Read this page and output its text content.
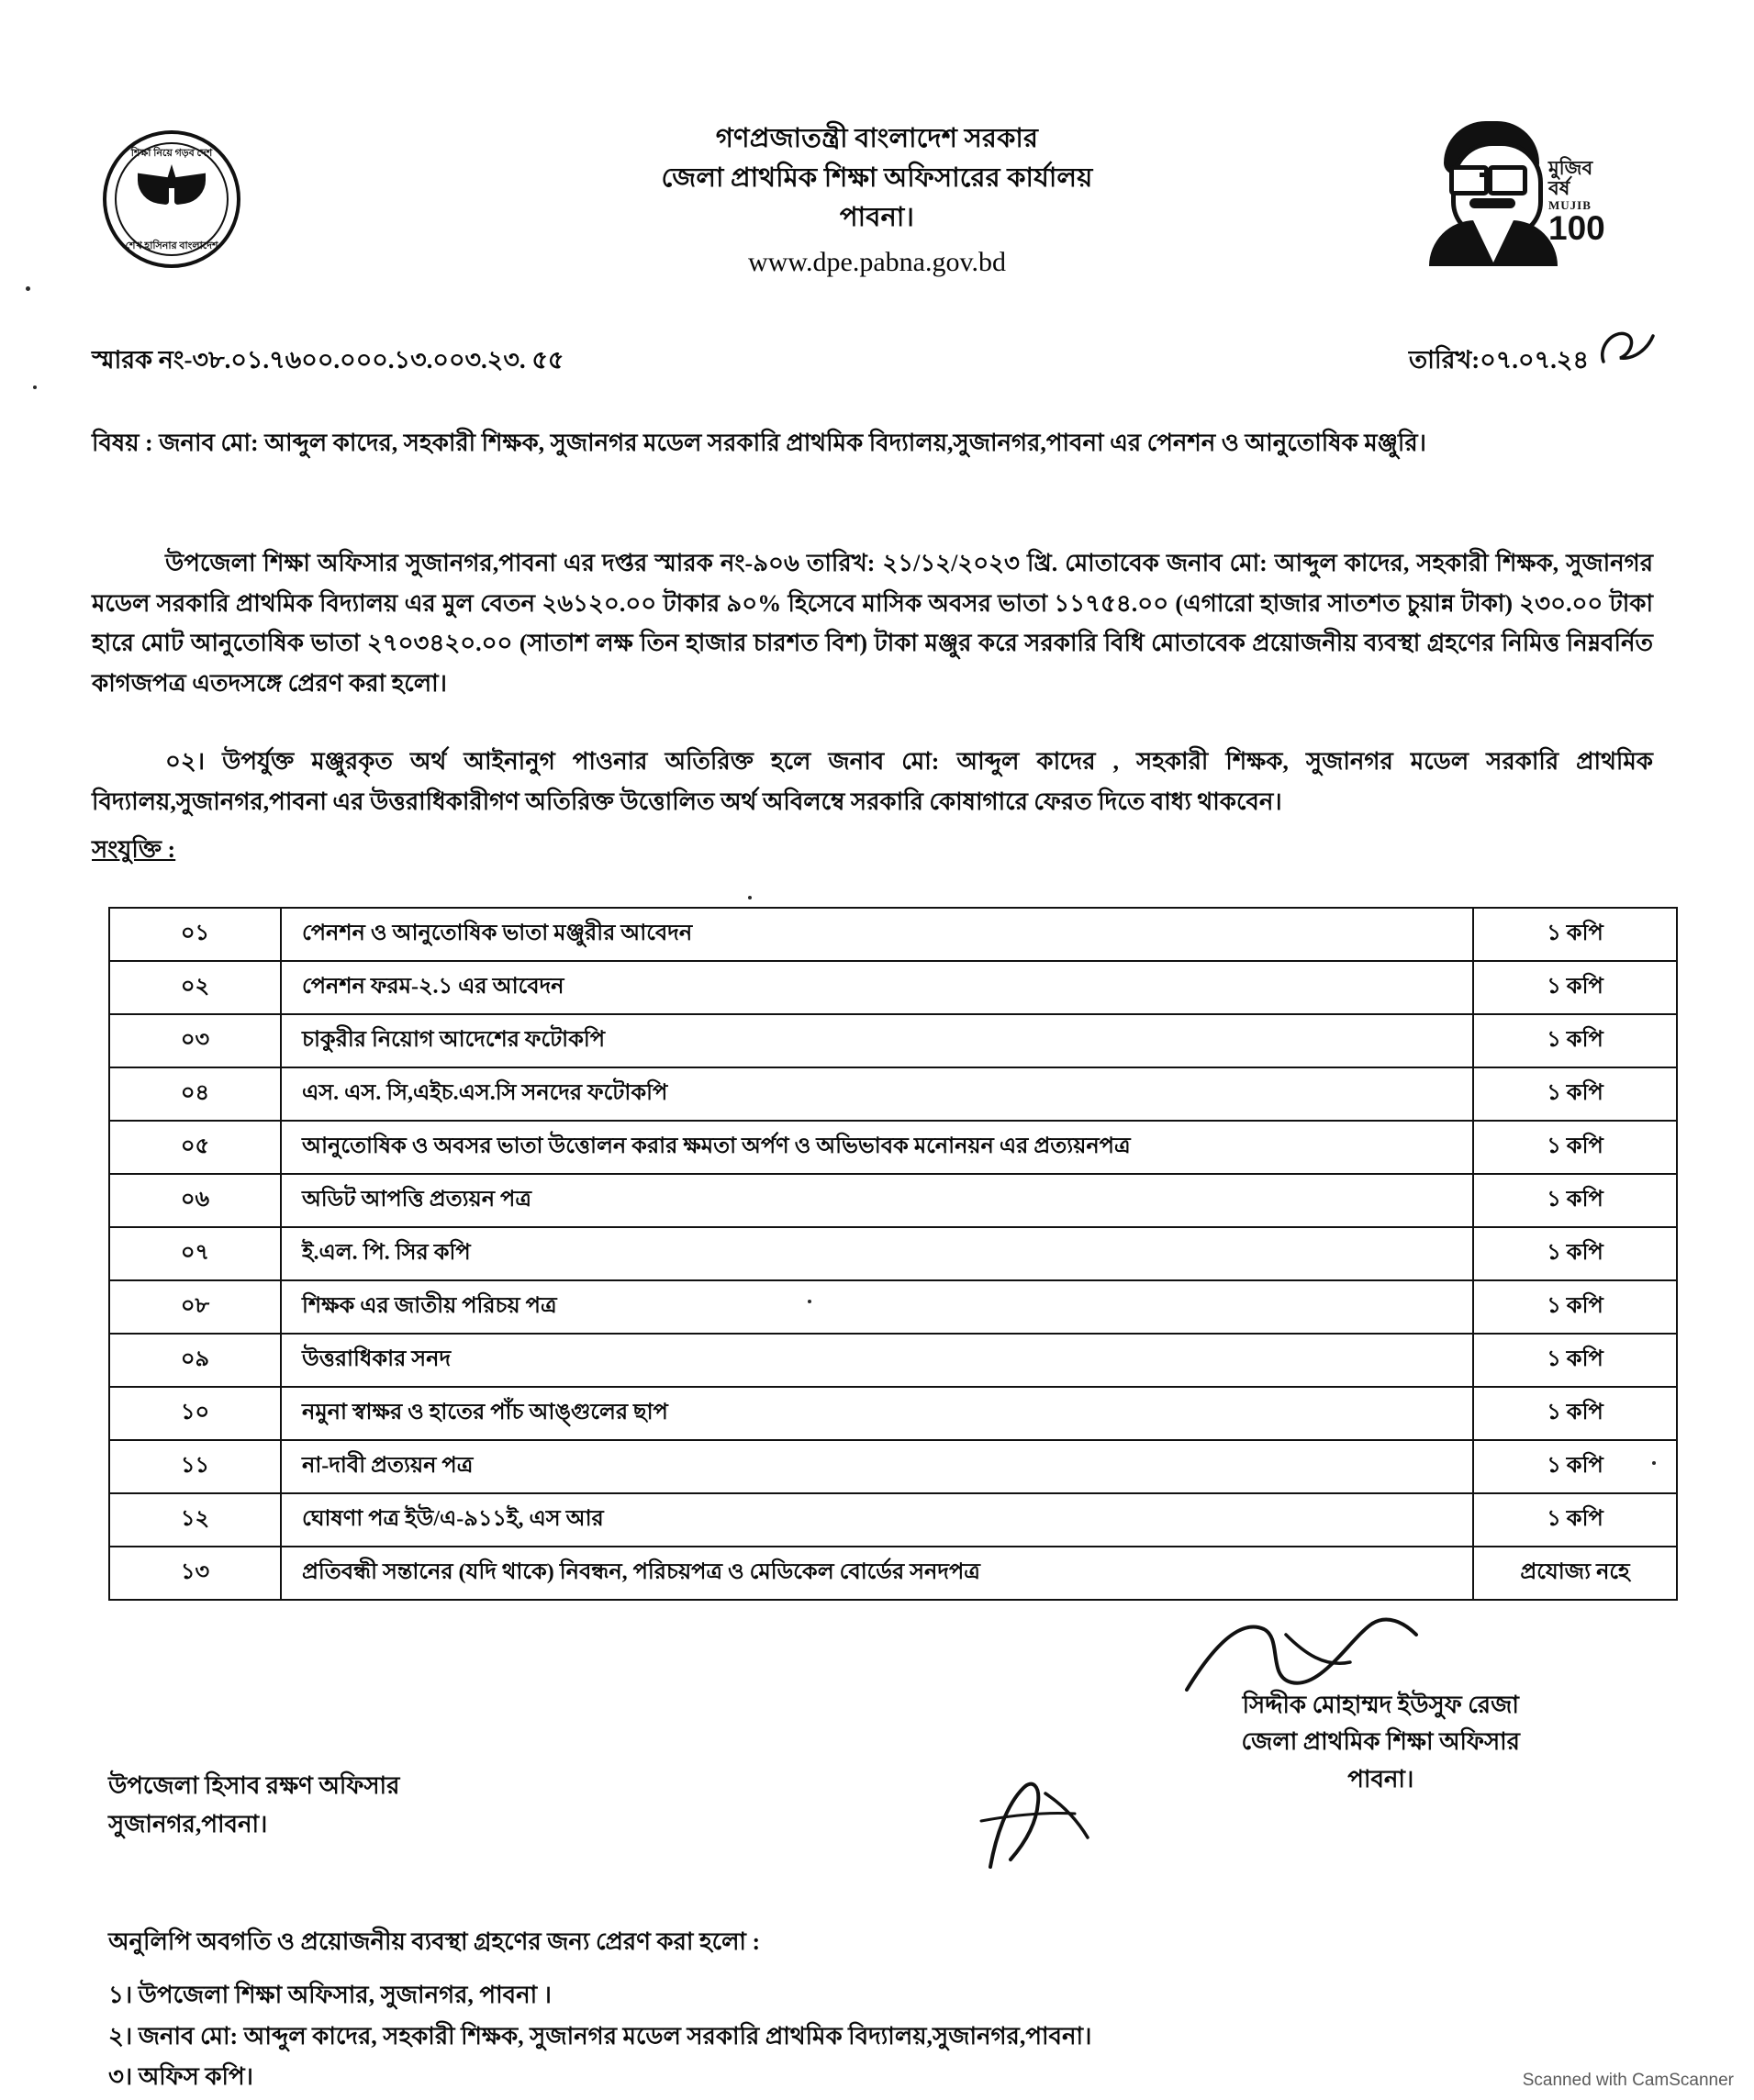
শিক্ষা নিয়ে গড়ব দেশ
শেখ হাসিনার বাংলাদেশ
মুজিব
বর্ষ
MUJIB
100
গণপ্রজাতন্ত্রী বাংলাদেশ সরকার
জেলা প্রাথমিক শিক্ষা অফিসারের কার্যালয়
পাবনা।
www.dpe.pabna.gov.bd
স্মারক নং-৩৮.০১.৭৬০০.০০০.১৩.০০৩.২৩. ৫৫	তারিখ:০৭.০৭.২৪
বিষয় : জনাব মো: আব্দুল কাদের, সহকারী শিক্ষক, সুজানগর মডেল সরকারি প্রাথমিক বিদ্যালয়,সুজানগর,পাবনা এর পেনশন ও আনুতোষিক মঞ্জুরি।
উপজেলা শিক্ষা অফিসার সুজানগর,পাবনা এর দপ্তর স্মারক নং-৯০৬ তারিখ: ২১/১২/২০২৩ খ্রি. মোতাবেক জনাব মো: আব্দুল কাদের, সহকারী শিক্ষক, সুজানগর মডেল সরকারি প্রাথমিক বিদ্যালয় এর মুল বেতন ২৬১২০.০০ টাকার ৯০% হিসেবে মাসিক অবসর ভাতা ১১৭৫৪.০০ (এগারো হাজার সাতশত চুয়ান্ন টাকা) ২৩০.০০ টাকা হারে মোট আনুতোষিক ভাতা ২৭০৩৪২০.০০ (সাতাশ লক্ষ তিন হাজার চারশত বিশ) টাকা মঞ্জুর করে সরকারি বিধি মোতাবেক প্রয়োজনীয় ব্যবস্থা গ্রহণের নিমিত্ত নিম্নবর্নিত কাগজপত্র এতদসঙ্গে প্রেরণ করা হলো।
০২। উপর্যুক্ত মঞ্জুরকৃত অর্থ আইনানুগ পাওনার অতিরিক্ত হলে জনাব মো: আব্দুল কাদের , সহকারী শিক্ষক, সুজানগর মডেল সরকারি প্রাথমিক বিদ্যালয়,সুজানগর,পাবনা এর উত্তরাধিকারীগণ অতিরিক্ত উত্তোলিত অর্থ অবিলম্বে সরকারি কোষাগারে ফেরত দিতে বাধ্য থাকবেন।
সংযুক্তি :
০১	পেনশন ও আনুতোষিক ভাতা মঞ্জুরীর আবেদন	১ কপি
০২	পেনশন ফরম-২.১ এর আবেদন	১ কপি
০৩	চাকুরীর নিয়োগ আদেশের ফটোকপি	১ কপি
০৪	এস. এস. সি,এইচ.এস.সি সনদের ফটোকপি	১ কপি
০৫	আনুতোষিক ও অবসর ভাতা উত্তোলন করার ক্ষমতা অর্পণ ও অভিভাবক মনোনয়ন এর প্রত্যয়নপত্র	১ কপি
০৬	অডিট আপত্তি প্রত্যয়ন পত্র	১ কপি
০৭	ই.এল. পি. সির কপি	১ কপি
০৮	শিক্ষক এর জাতীয় পরিচয় পত্র	১ কপি
০৯	উত্তরাধিকার সনদ	১ কপি
১০	নমুনা স্বাক্ষর ও হাতের পাঁচ আঙ্গুলের ছাপ	১ কপি
১১	না-দাবী প্রত্যয়ন পত্র	১ কপি
১২	ঘোষণা পত্র ইউ/এ-৯১১ই, এস আর	১ কপি
১৩	প্রতিবন্ধী সন্তানের (যদি থাকে) নিবন্ধন, পরিচয়পত্র ও মেডিকেল বোর্ডের সনদপত্র	প্রযোজ্য নহে
সিদ্দীক মোহাম্মদ ইউসুফ রেজা
জেলা প্রাথমিক শিক্ষা অফিসার
পাবনা।
উপজেলা হিসাব রক্ষণ অফিসার
সুজানগর,পাবনা।
অনুলিপি অবগতি ও প্রয়োজনীয় ব্যবস্থা গ্রহণের জন্য প্রেরণ করা হলো :
১। উপজেলা শিক্ষা অফিসার, সুজানগর, পাবনা ।
২। জনাব মো: আব্দুল কাদের, সহকারী শিক্ষক, সুজানগর মডেল সরকারি প্রাথমিক বিদ্যালয়,সুজানগর,পাবনা।
৩। অফিস কপি।	Scanned with CamScanner
